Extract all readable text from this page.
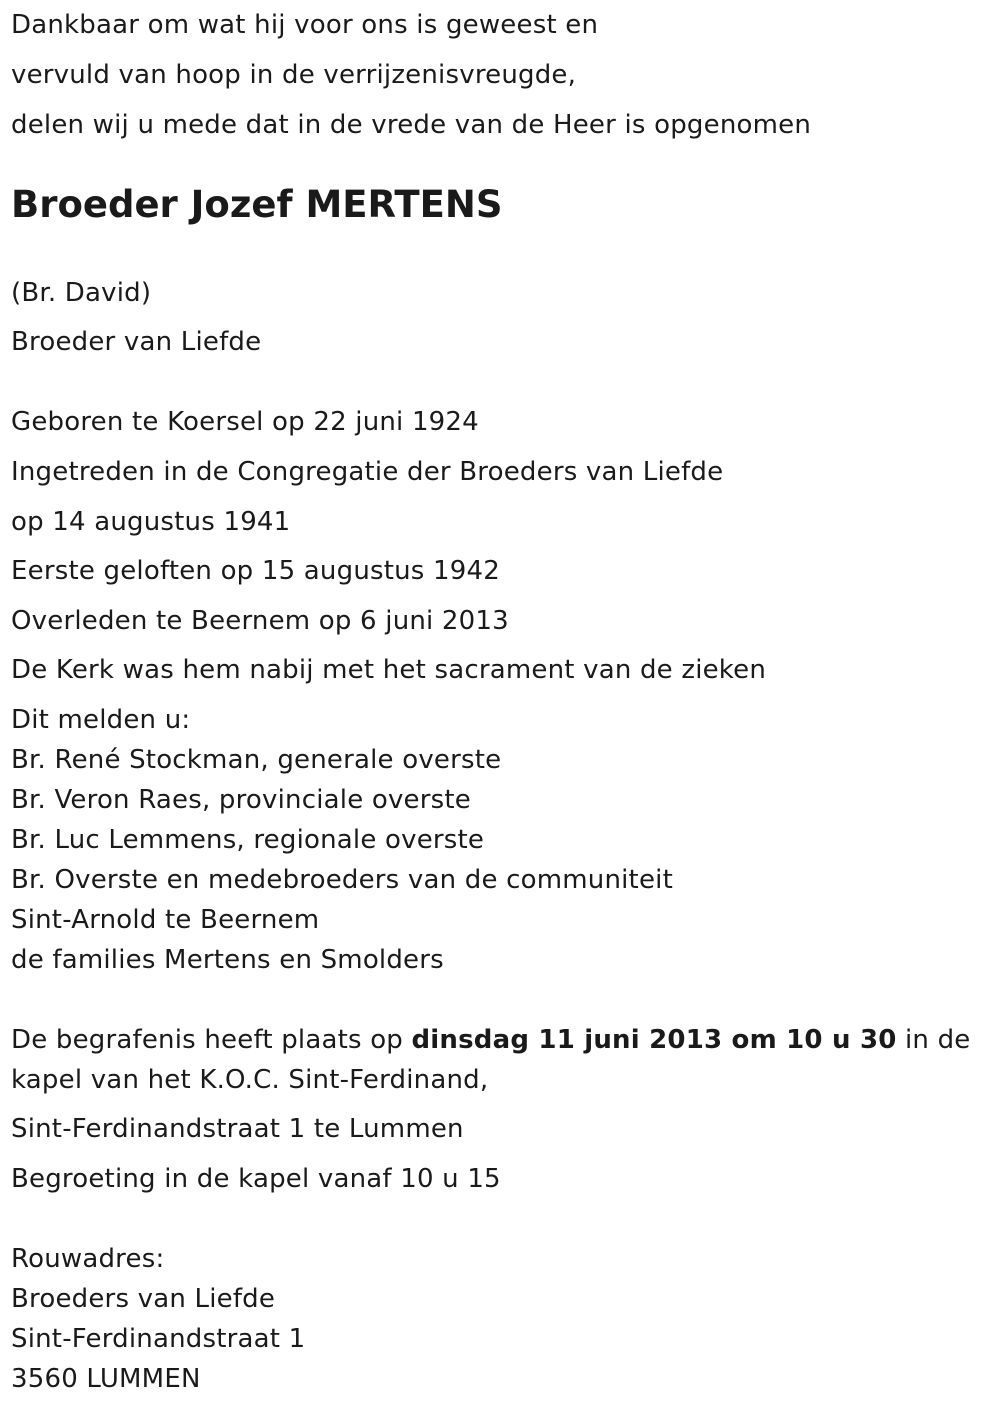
Dankbaar om wat hij voor ons is geweest en
vervuld van hoop in de verrijzenisvreugde,
delen wij u mede dat in de vrede van de Heer is opgenomen
Broeder Jozef MERTENS
(Br. David)
Broeder van Liefde
Geboren te Koersel op 22 juni 1924
Ingetreden in de Congregatie der Broeders van Liefde
op 14 augustus 1941
Eerste geloften op 15 augustus 1942
Overleden te Beernem op 6 juni 2013
De Kerk was hem nabij met het sacrament van de zieken
Dit melden u:
Br. René Stockman, generale overste
Br. Veron Raes, provinciale overste
Br. Luc Lemmens, regionale overste
Br. Overste en medebroeders van de communiteit
Sint-Arnold te Beernem
de families Mertens en Smolders
De begrafenis heeft plaats op dinsdag 11 juni 2013 om 10 u 30 in de
kapel van het K.O.C. Sint-Ferdinand,
Sint-Ferdinandstraat 1 te Lummen
Begroeting in de kapel vanaf 10 u 15
Rouwadres:
Broeders van Liefde
Sint-Ferdinandstraat 1
3560 LUMMEN
